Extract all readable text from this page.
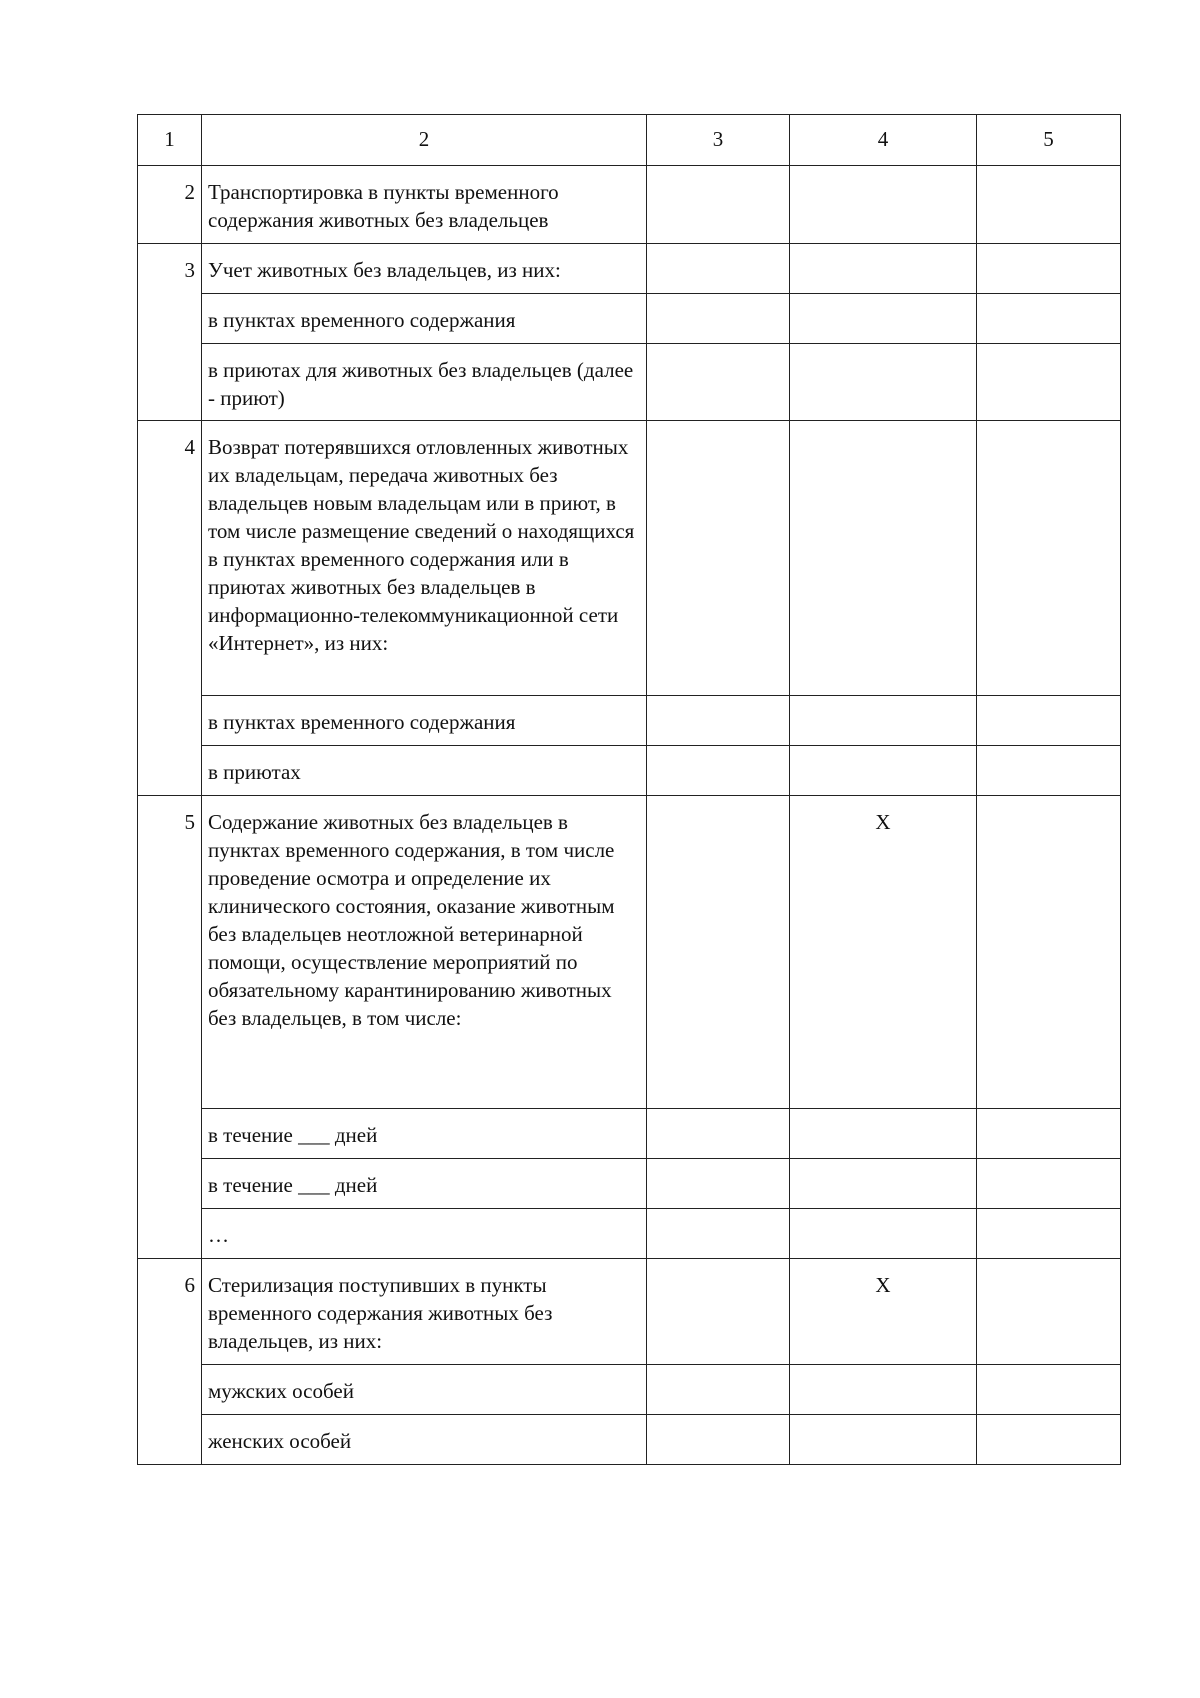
1	2	3	4	5
2	Транспортировка в пункты временного содержания животных без владельцев			
3	Учет животных без владельцев, из них:			
	в пунктах временного содержания			
	в приютах для животных без владельцев (далее - приют)			
4	Возврат потерявшихся отловленных животных их владельцам, передача животных без владельцев новым владельцам или в приют, в том числе размещение сведений о находящихся в пунктах временного содержания или в приютах животных без владельцев в информационно-телекоммуникационной сети «Интернет», из них:			
	в пунктах временного содержания			
	в приютах			
5	Содержание животных без владельцев в пунктах временного содержания, в том числе проведение осмотра и определение их клинического состояния, оказание животным без владельцев неотложной ветеринарной помощи, осуществление мероприятий по обязательному карантинированию животных без владельцев, в том числе:		X	
	в течение ___ дней			
	в течение ___ дней			
	…			
6	Стерилизация поступивших в пункты временного содержания животных без владельцев, из них:		X	
	мужских особей			
	женских особей			
